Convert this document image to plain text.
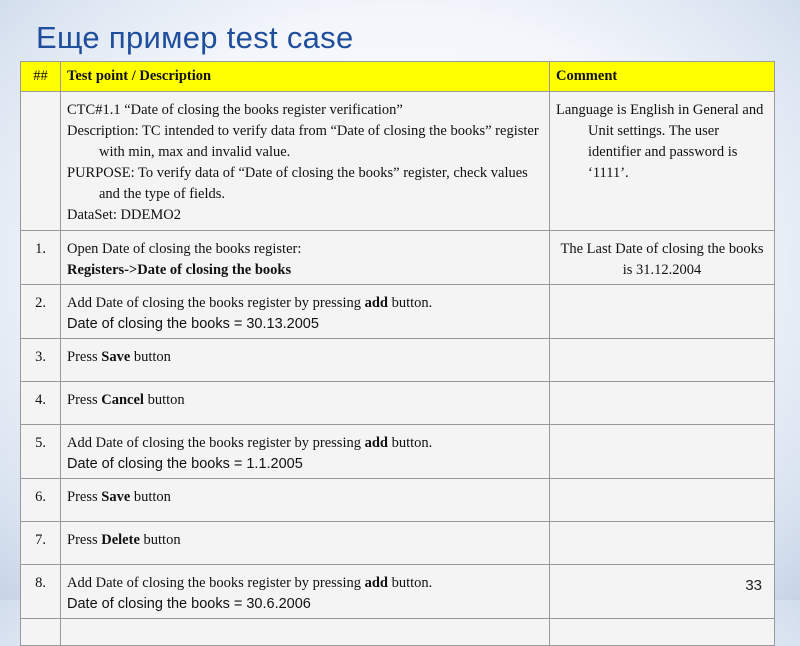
Еще пример test case
##	Test point / Description	Comment

	CTC#1.1 “Date of closing the books register verification”
Description: TC intended to verify data from “Date of closing the books” register with min, max and invalid value.
PURPOSE: To verify data of “Date of closing the books” register, check values and the type of fields.
DataSet: DDEMO2	Language is English in General and Unit settings. The user identifier and password is ‘1111’.

1.	Open Date of closing the books register:
Registers->Date of closing the books	The Last Date of closing the books is 31.12.2004

2.	Add Date of closing the books register by pressing add button.
Date of closing the books = 30.13.2005	
3.	Press Save button	
4.	Press Cancel button	
5.	Add Date of closing the books register by pressing add button.
Date of closing the books = 1.1.2005	
6.	Press Save button	
7.	Press Delete button	
8.	Add Date of closing the books register by pressing add button.
Date of closing the books = 30.6.2006	

33
